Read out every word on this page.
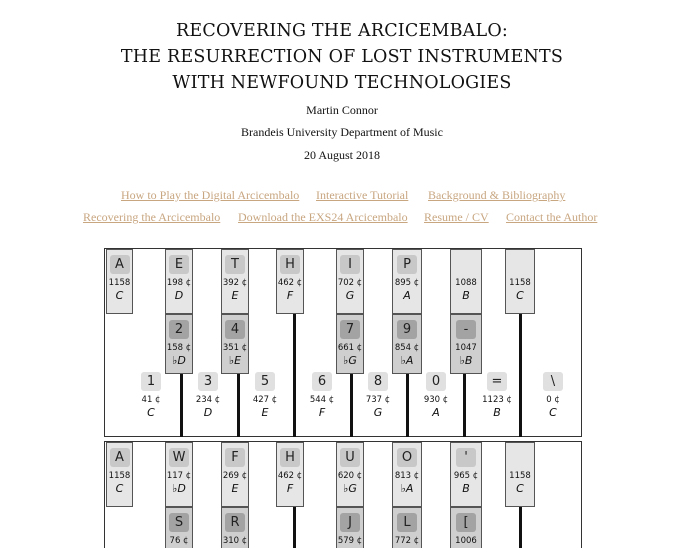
RECOVERING THE ARCICEMBALO:
THE RESURRECTION OF LOST INSTRUMENTS
WITH NEWFOUND TECHNOLOGIES
Martin Connor
Brandeis University Department of Music
20 August 2018
How to Play the Digital Arcicembalo Interactive Tutorial Background & Bibliography
Recovering the Arcicembalo Download the EXS24 Arcicembalo Resume / CV Contact the Author
A
1158
C
E
198 ¢
D
T
392 ¢
E
H
462 ¢
F
I
702 ¢
G
P
895 ¢
A
1088
B
1158
C
2
158 ¢
♭D
4
351 ¢
♭E
7
661 ¢
♭G
9
854 ¢
♭A
-
1047
♭B
1
41 ¢
C
3
234 ¢
D
5
427 ¢
E
6
544 ¢
F
8
737 ¢
G
0
930 ¢
A
=
1123 ¢
B
\
0 ¢
C
A
1158
C
W
117 ¢
♭D
F
269 ¢
E
H
462 ¢
F
U
620 ¢
♭G
O
813 ¢
♭A
'
965 ¢
B
1158
C
S
76 ¢
R
310 ¢
J
579 ¢
L
772 ¢
[
1006
